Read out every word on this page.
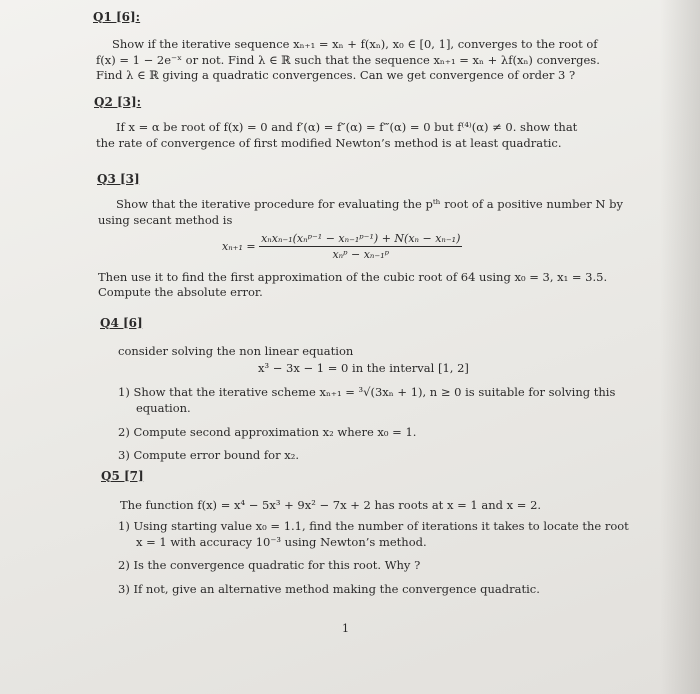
Q1 [6]:
Show if the iterative sequence xₙ₊₁ = xₙ + f(xₙ), x₀ ∈ [0, 1], converges to the root of
f(x) = 1 − 2e⁻ˣ or not. Find λ ∈ ℝ such that the sequence xₙ₊₁ = xₙ + λf(xₙ) converges.
Find λ ∈ ℝ giving a quadratic convergences. Can we get convergence of order 3 ?
Q2 [3]:
If x = α be root of f(x) = 0 and f′(α) = f″(α) = f‴(α) = 0 but f⁽⁴⁾(α) ≠ 0. show that
the rate of convergence of first modified Newton’s method is at least quadratic.
Q3 [3]
Show that the iterative procedure for evaluating the pᵗʰ root of a positive number N by
using secant method is
$x_{n+1} = \frac{\text{xₙxₙ₋₁(xₙᵖ⁻¹ − xₙ₋₁ᵖ⁻¹) + N(xₙ − xₙ₋₁)}}{\text{xₙᵖ − xₙ₋₁ᵖ}}$
Then use it to find the first approximation of the cubic root of 64 using x₀ = 3, x₁ = 3.5.
Compute the absolute error.
Q4 [6]
consider solving the non linear equation
x³ − 3x − 1 = 0 in the interval [1, 2]
1) Show that the iterative scheme xₙ₊₁ = ³√(3xₙ + 1), n ≥ 0 is suitable for solving this
equation.
2) Compute second approximation x₂ where x₀ = 1.
3) Compute error bound for x₂.
Q5 [7]
The function f(x) = x⁴ − 5x³ + 9x² − 7x + 2 has roots at x = 1 and x = 2.
1) Using starting value x₀ = 1.1, find the number of iterations it takes to locate the root
x = 1 with accuracy 10⁻³ using Newton’s method.
2) Is the convergence quadratic for this root. Why ?
3) If not, give an alternative method making the convergence quadratic.
1
